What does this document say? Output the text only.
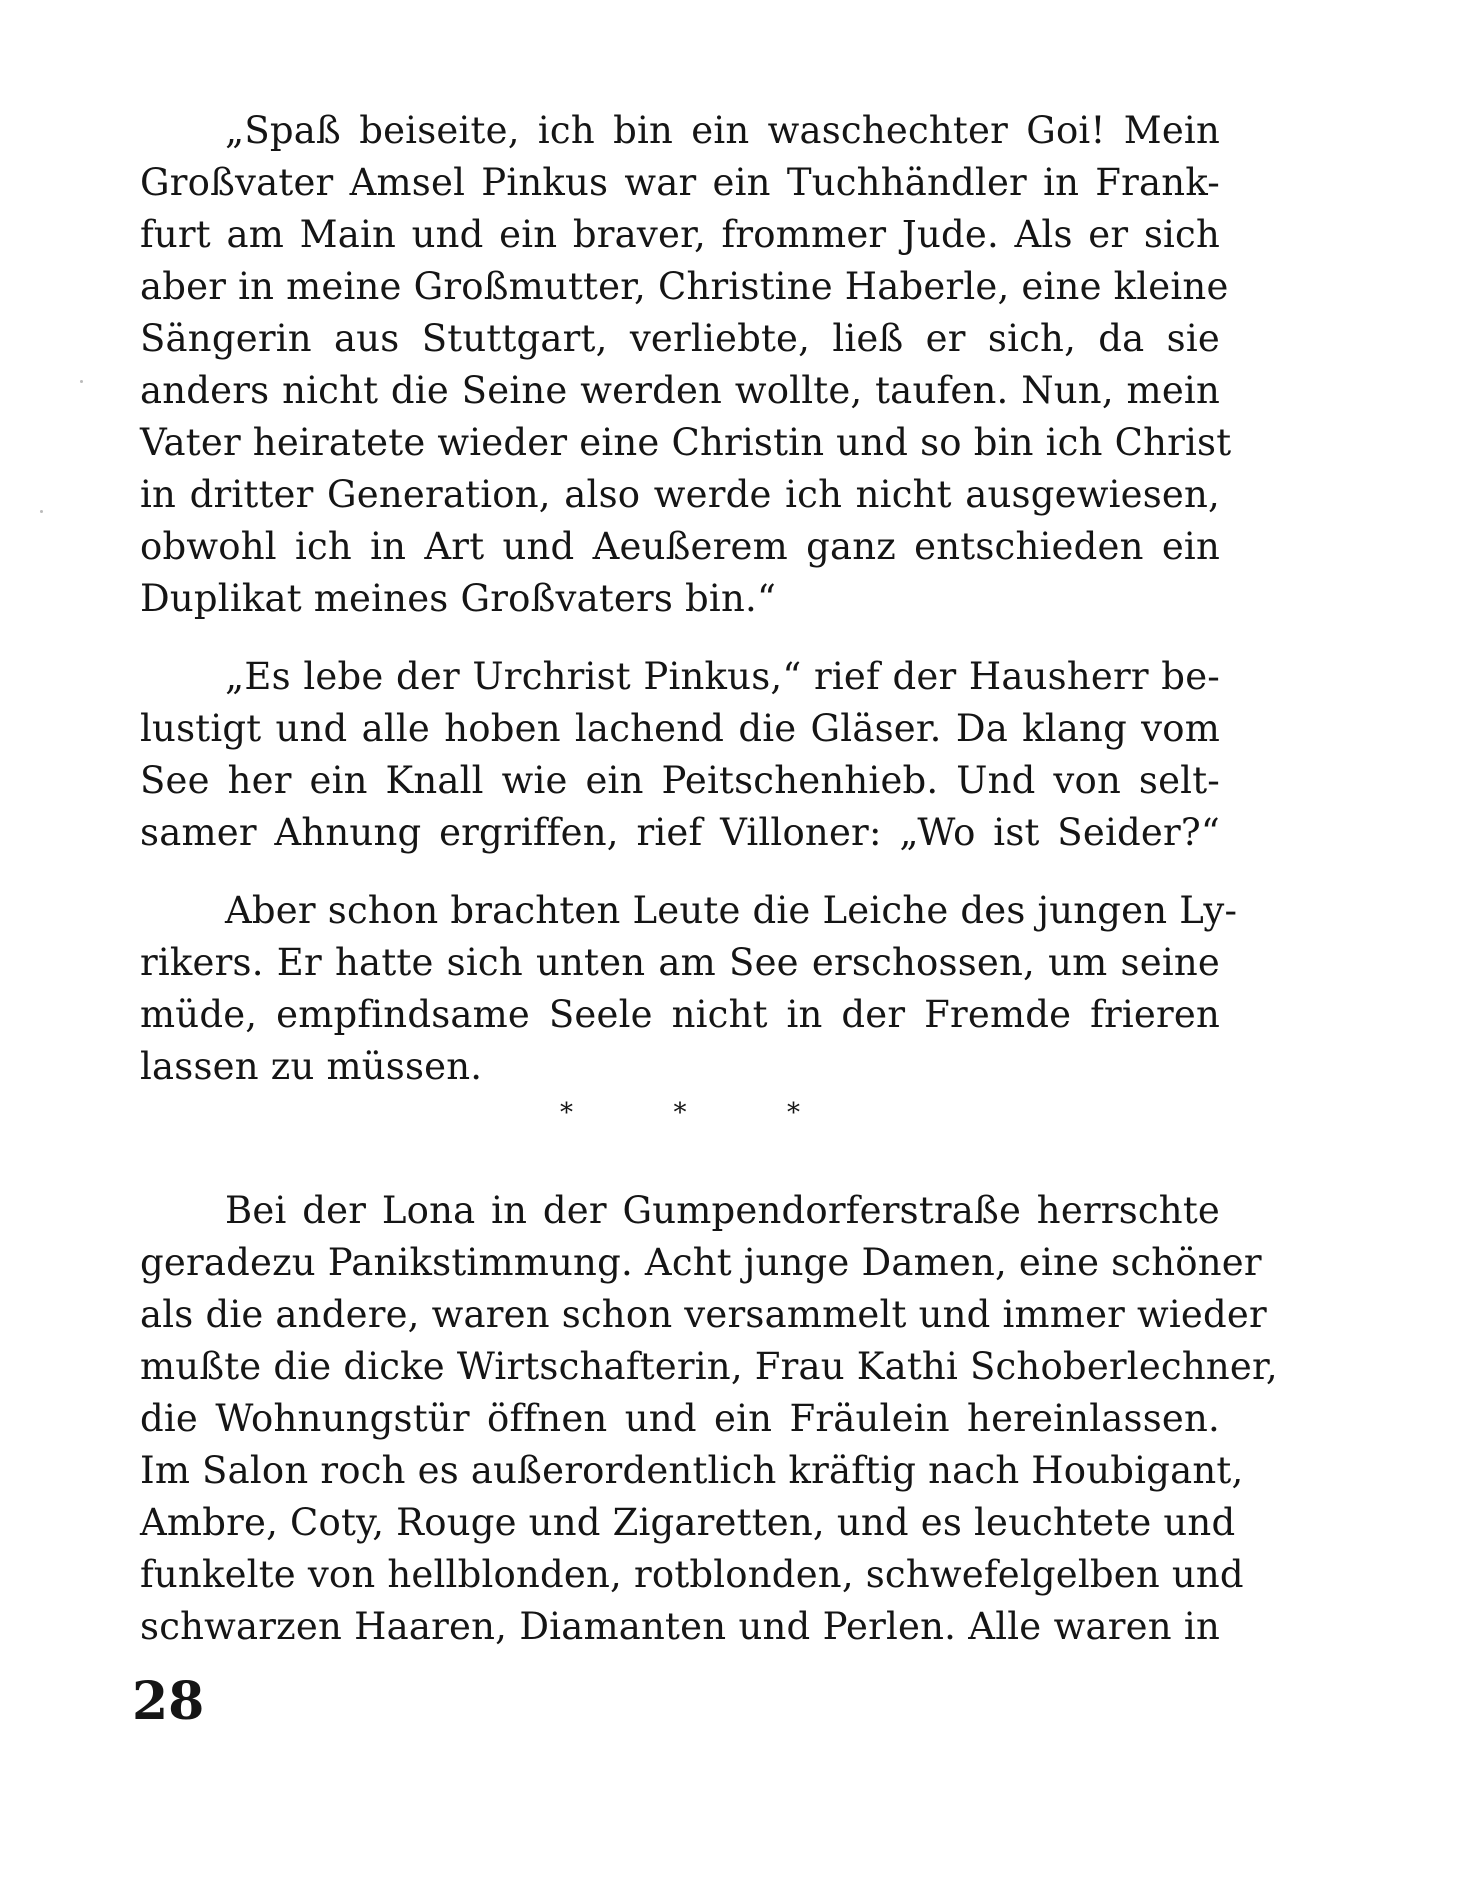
„Spaß beiseite, ich bin ein waschechter Goi! Mein
Großvater Amsel Pinkus war ein Tuchhändler in Frank-
furt am Main und ein braver, frommer Jude. Als er sich
aber in meine Großmutter, Christine Haberle, eine kleine
Sängerin aus Stuttgart, verliebte, ließ er sich, da sie
anders nicht die Seine werden wollte, taufen. Nun, mein
Vater heiratete wieder eine Christin und so bin ich Christ
in dritter Generation, also werde ich nicht ausgewiesen,
obwohl ich in Art und Aeußerem ganz entschieden ein
Duplikat meines Großvaters bin.“
„Es lebe der Urchrist Pinkus,“ rief der Hausherr be-
lustigt und alle hoben lachend die Gläser. Da klang vom
See her ein Knall wie ein Peitschenhieb. Und von selt-
samer Ahnung ergriffen, rief Villoner: „Wo ist Seider?“
Aber schon brachten Leute die Leiche des jungen Ly-
rikers. Er hatte sich unten am See erschossen, um seine
müde, empfindsame Seele nicht in der Fremde frieren
lassen zu müssen.
*	*	*
Bei der Lona in der Gumpendorferstraße herrschte
geradezu Panikstimmung. Acht junge Damen, eine schöner
als die andere, waren schon versammelt und immer wieder
mußte die dicke Wirtschafterin, Frau Kathi Schoberlechner,
die Wohnungstür öffnen und ein Fräulein hereinlassen.
Im Salon roch es außerordentlich kräftig nach Houbigant,
Ambre, Coty, Rouge und Zigaretten, und es leuchtete und
funkelte von hellblonden, rotblonden, schwefelgelben und
schwarzen Haaren, Diamanten und Perlen. Alle waren in
28
